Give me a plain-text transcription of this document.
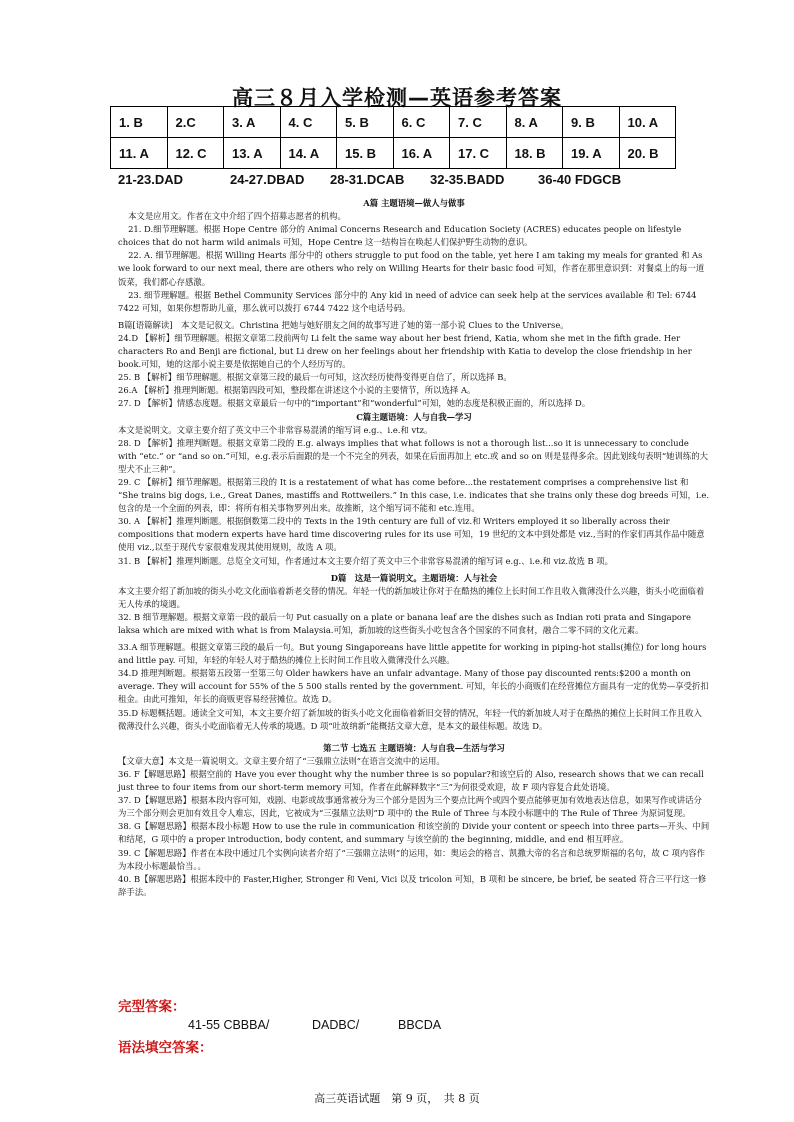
高三８月入学检测—英语参考答案
1. B	2.C	3. A	4. C	5. B	6. C	7. C	8. A	9. B	10. A
11. A	12. C	13. A	14. A	15. B	16. A	17. C	18. B	19. A	20. B
21-23.DAD	24-27.DBAD 28-31.DCAB 32-35.BADD	36-40 FDGCB

A篇 主题语境—做人与做事

本文是应用文。作者在文中介绍了四个招募志愿者的机构。

21. D.细节理解题。根据 Hope Centre 部分的 Animal Concerns Research and Education Society (ACRES) educates people on lifestyle choices that do not harm wild animals 可知，Hope Centre 这一结构旨在唤起人们保护野生动物的意识。

22. A. 细节理解题。根据 Willing Hearts 部分中的 others struggle to put food on the table, yet here I am taking my meals for granted 和 As we look forward to our next meal, there are others who rely on Willing Hearts for their basic food 可知，作者在那里意识到：对餐桌上的每一道饭菜，我们都心存感激。

23. 细节理解题。根据 Bethel Community Services 部分中的 Any kid in need of advice can seek help at the services available 和 Tel: 6744 7422 可知，如果你想帮助儿童，那么就可以拨打 6744 7422 这个电话号码。

B篇[语篇解读]　本文是记叙文。Christina 把她与她好朋友之间的故事写进了她的第一部小说 Clues to the Universe。

24.D 【解析】细节理解题。根据文章第二段前两句 Li felt the same way about her best friend, Katia, whom she met in the fifth grade. Her characters Ro and Benji are fictional, but Li drew on her feelings about her friendship with Katia to develop the close friendship in her book.可知，她的这部小说主要是依据她自己的个人经历写的。

25. B 【解析】细节理解题。根据文章第三段的最后一句可知，这次经历使得变得更自信了，所以选择 B。

26.A 【解析】推理判断题。根据第四段可知，整段都在讲述这个小说的主要情节，所以选择 A。

27. D 【解析】情感态度题。根据文章最后一句中的“important”和“wonderful”可知，她的态度是积极正面的，所以选择 D。

C篇主题语境：人与自我—学习

本文是说明文。文章主要介绍了英文中三个非常容易混淆的缩写词 e.g.、i.e.和 vtz。

28. D 【解析】推理判断题。根据文章第二段的 E.g. always implies that what follows is not a thorough list...so it is unnecessary to conclude with “etc.” or “and so on.”可知，e.g.表示后面跟的是一个不完全的列表，如果在后面再加上 etc.或 and so on 则是显得多余。因此划线句表明“她训练的大型犬不止三种”。

29. C 【解析】细节理解题。根据第三段的 It is a restatement of what has come before...the restatement comprises a comprehensive list 和 “She trains big dogs, i.e., Great Danes, mastiffs and Rottweilers.” In this case, i.e. indicates that she trains only these dog breeds 可知，i.e.包含的是一个全面的列表，即：将所有相关事物罗列出来。故推断，这个缩写词不能和 etc.连用。

30. A 【解析】推理判断题。根据倒数第二段中的 Texts in the 19th century are full of viz.和 Writers employed it so liberally across their compositions that modern experts have hard time discovering rules for its use 可知，19 世纪的文本中到处都是 viz.,当时的作家们再其作品中随意使用 viz.,以至于现代专家很难发现其使用规则，故选 A 项。

31. B 【解析】推理判断题。总览全文可知，作者通过本文主要介绍了英文中三个非常容易混淆的缩写词 e.g.、i.e.和 viz.故选 B 项。

D篇　这是一篇说明文。主题语境：人与社会

本文主要介绍了新加坡的街头小吃文化面临着新老交替的情况。年轻一代的新加坡让你对于在酷热的摊位上长时间工作且收入微薄没什么兴趣，街头小吃面临着无人传承的境遇。

32. B 细节理解题。根据文章第一段的最后一句 Put casually on a plate or banana leaf are the dishes such as Indian roti prata and Singapore laksa which are mixed with what is from Malaysia.可知，新加坡的这些街头小吃包含各个国家的不同食材，融合二零不同的文化元素。

33.A 细节理解题。根据文章第三段的最后一句。But young Singaporeans have little appetite for working in piping-hot stalls(摊位) for long hours and little pay. 可知，年轻的年轻人对于酷热的摊位上长时间工作且收入微薄没什么兴趣。

34.D 推理判断题。根据第五段第一至第三句 Older hawkers have an unfair advantage. Many of those pay discounted rents:$200 a month on average. They will account for 55% of the 5 500 stalls rented by the government. 可知，年长的小商贩们在经营摊位方面具有一定的优势—享受折扣租金。由此可推知，年长的商贩更容易经营摊位。故选 D。

35.D 标题概括题。通读全文可知，本文主要介绍了新加坡的街头小吃文化面临着新旧交替的情况，年轻一代的新加坡人对于在酷热的摊位上长时间工作且收入微薄没什么兴趣，街头小吃面临着无人传承的境遇。D 项“吐故纳新”能概括文章大意，是本文的最佳标题。故选 D。

第二节 七选五 主题语境：人与自我—生活与学习

【文章大意】本文是一篇说明文。文章主要介绍了“三强鼎立法则”在语言交流中的运用。

36. F【解题思路】根据空前的 Have you ever thought why the number three is so popular?和该空后的 Also, research shows that we can recall just three to four items from our short-term memory 可知，作者在此解释数字“三”为何很受欢迎，故 F 项内容复合此处语境。

37. D【解题思路】根据本段内容可知，戏剧、电影或故事通常被分为三个部分是因为三个要点比两个或四个要点能够更加有效地表达信息，如果写作或讲话分为三个部分则会更加有效且令人难忘，因此，它被成为“三强鼎立法则”D 项中的 the Rule of Three 与本段小标题中的 The Rule of Three 为原词复现。

38. G【解题思路】根据本段小标题 How to use the rule in communication 和该空前的 Divide your content or speech into three parts—开头、中间和结尾，G 项中的 a proper introduction, body content, and summary 与该空前的 the beginning, middle, and end 相互呼应。

39. C【解题思路】作者在本段中通过几个实例向读者介绍了“三强鼎立法则”的运用，如：奥运会的格言、凯撒大帝的名言和总统罗斯福的名句，故 C 项内容作为本段小标题最恰当。。

40. B【解题思路】根据本段中的 Faster,Higher, Stronger 和 Veni, Vici 以及 tricolon 可知，B 项和 be sincere, be brief, be seated 符合三平行这一修辞手法。

完型答案：
41-55 CBBBA/	DADBC/	BBCDA
语法填空答案：
高三英语试题　第 9 页，　共 8 页
